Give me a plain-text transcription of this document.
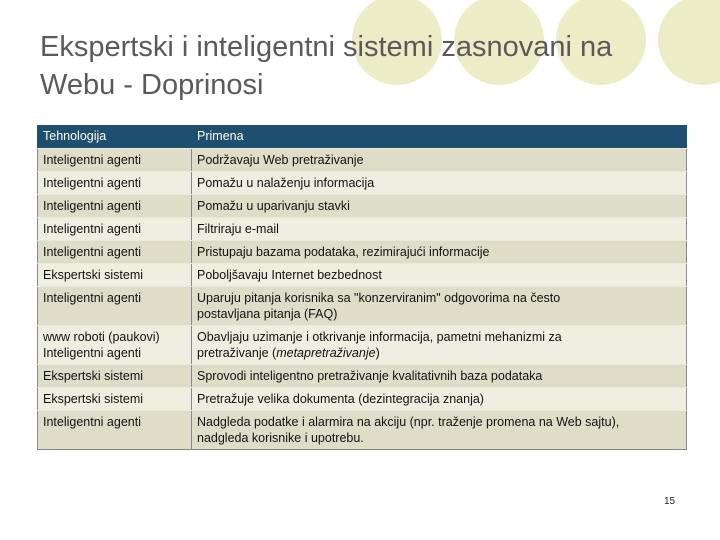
Ekspertski i inteligentni sistemi zasnovani na
Webu - Doprinosi
Tehnologija	Primena

Inteligentni agenti	Podržavaju Web pretraživanje

Inteligentni agenti	Pomažu u nalaženju informacija

Inteligentni agenti	Pomažu u uparivanju stavki

Inteligentni agenti	Filtriraju e-mail

Inteligentni agenti	Pristupaju bazama podataka, rezimirajući informacije

Ekspertski sistemi	Poboljšavaju Internet bezbednost

Inteligentni agenti	Uparuju pitanja korisnika sa "konzerviranim" odgovorima na često
postavljana pitanja (FAQ)

www roboti (paukovi)
Inteligentni agenti	Obavljaju uzimanje i otkrivanje informacija, pametni mehanizmi za
pretraživanje (metapretraživanje)

Ekspertski sistemi	Sprovodi inteligentno pretraživanje kvalitativnih baza podataka

Ekspertski sistemi	Pretražuje velika dokumenta (dezintegracija znanja)

Inteligentni agenti	Nadgleda podatke i alarmira na akciju (npr. traženje promena na Web sajtu),
nadgleda korisnike i upotrebu.
15
